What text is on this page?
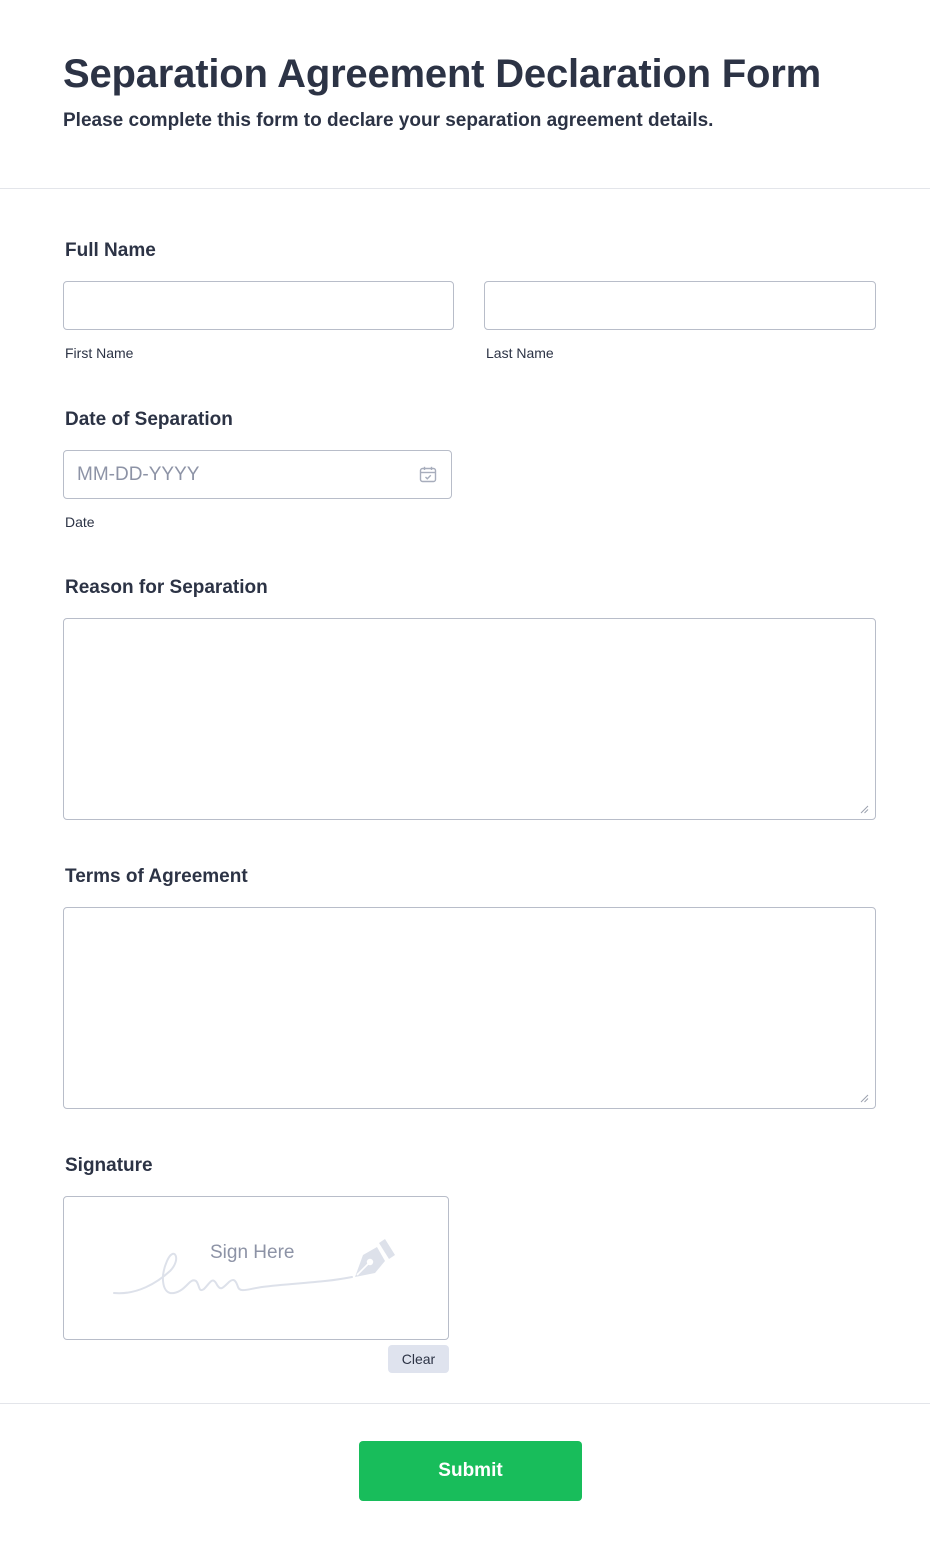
Separation Agreement Declaration Form
Please complete this form to declare your separation agreement details.
Full Name
First Name	Last Name
Date of Separation
MM-DD-YYYY
Date
Reason for Separation
Terms of Agreement
Signature
Sign Here
Clear
Submit
